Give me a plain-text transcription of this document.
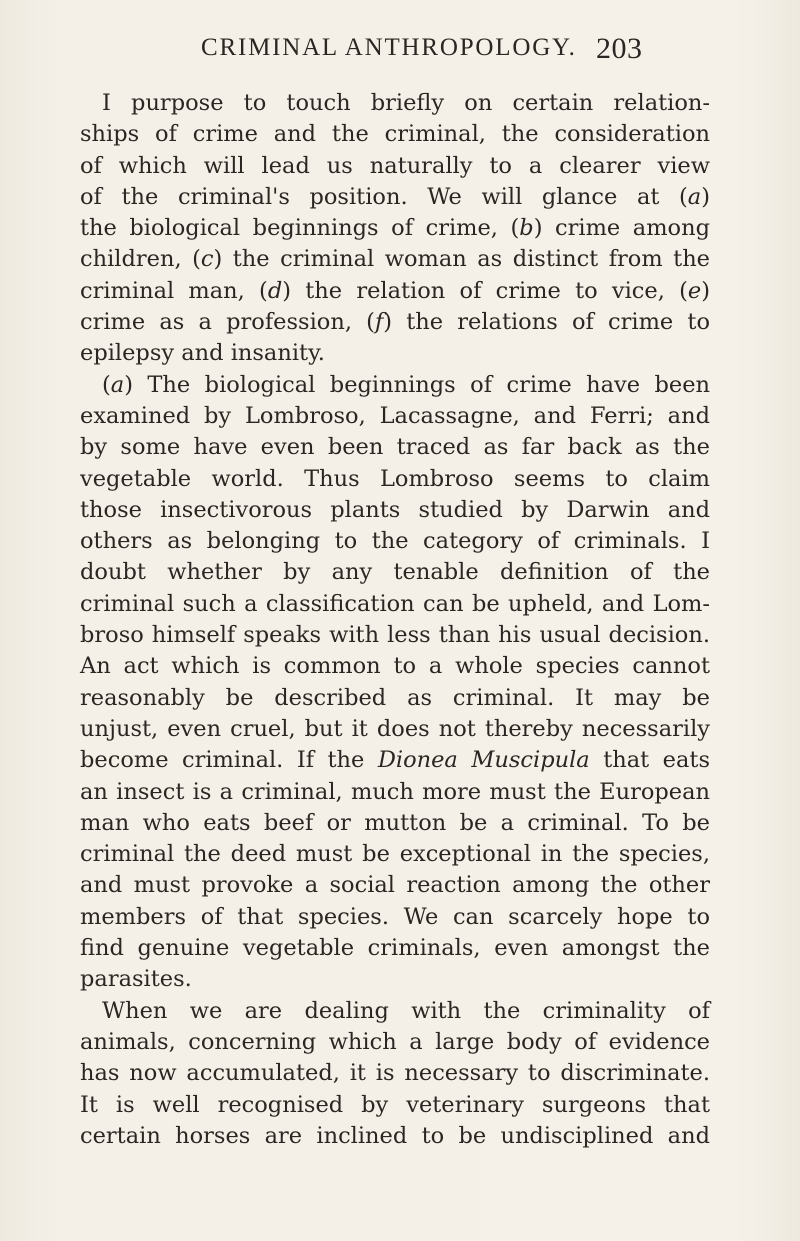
CRIMINAL ANTHROPOLOGY. 203
I purpose to touch briefly on certain relation-
ships of crime and the criminal, the consideration
of which will lead us naturally to a clearer view
of the criminal's position. We will glance at (a)
the biological beginnings of crime, (b) crime among
children, (c) the criminal woman as distinct from the
criminal man, (d) the relation of crime to vice, (e)
crime as a profession, (f) the relations of crime to
epilepsy and insanity.
(a) The biological beginnings of crime have been
examined by Lombroso, Lacassagne, and Ferri; and
by some have even been traced as far back as the
vegetable world. Thus Lombroso seems to claim
those insectivorous plants studied by Darwin and
others as belonging to the category of criminals. I
doubt whether by any tenable definition of the
criminal such a classification can be upheld, and Lom-
broso himself speaks with less than his usual decision.
An act which is common to a whole species cannot
reasonably be described as criminal. It may be
unjust, even cruel, but it does not thereby necessarily
become criminal. If the Dionea Muscipula that eats
an insect is a criminal, much more must the European
man who eats beef or mutton be a criminal. To be
criminal the deed must be exceptional in the species,
and must provoke a social reaction among the other
members of that species. We can scarcely hope to
find genuine vegetable criminals, even amongst the
parasites.
When we are dealing with the criminality of
animals, concerning which a large body of evidence
has now accumulated, it is necessary to discriminate.
It is well recognised by veterinary surgeons that
certain horses are inclined to be undisciplined and
